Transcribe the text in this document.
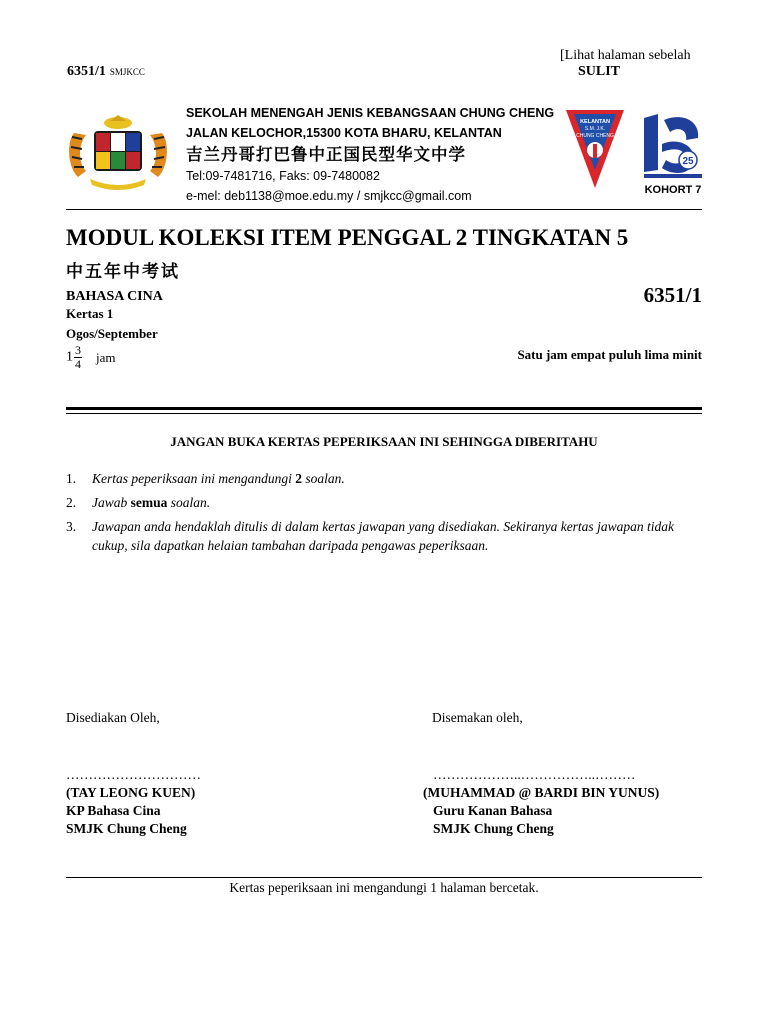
[Lihat halaman sebelah
SULIT
6351/1 SMJKCC
SEKOLAH MENENGAH JENIS KEBANGSAAN CHUNG CHENG
JALAN KELOCHOR,15300 KOTA BHARU, KELANTAN
吉兰丹哥打巴鲁中正国民型华文中学
Tel:09-7481716, Faks: 09-7480082
e-mel: deb1138@moe.edu.my / smjkcc@gmail.com
KELANTAN
S.M. J.K.
CHUNG CHENG
25
KOHORT 7
MODUL KOLEKSI ITEM PENGGAL 2 TINGKATAN 5
中五年中考试
BAHASA CINA	6351/1
Kertas 1
Ogos/September
$1 \frac{3}{4}$ jam	Satu jam empat puluh lima minit
JANGAN BUKA KERTAS PEPERIKSAAN INI SEHINGGA DIBERITAHU
1.	Kertas peperiksaan ini mengandungi 2 soalan.
2.	Jawab semua soalan.
3.	Jawapan anda hendaklah ditulis di dalam kertas jawapan yang disediakan. Sekiranya kertas jawapan tidak cukup, sila dapatkan helaian tambahan daripada pengawas peperiksaan.
Disediakan Oleh,	Disemakan oleh,
…………………………
(TAY LEONG KUEN)
KP Bahasa Cina
SMJK Chung Cheng
………………..……………..………
(MUHAMMAD @ BARDI BIN YUNUS)
Guru Kanan Bahasa
SMJK Chung Cheng
Kertas peperiksaan ini mengandungi 1 halaman bercetak.
